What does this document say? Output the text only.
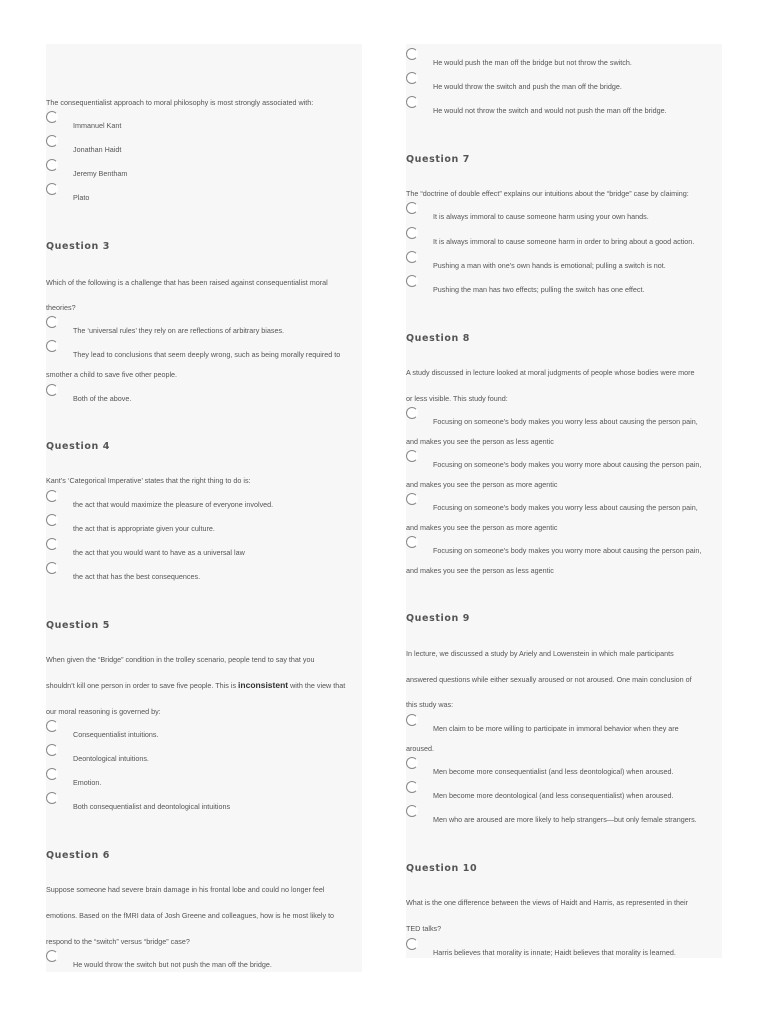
The consequentialist approach to moral philosophy is most strongly associated with:
Immanuel Kant
Jonathan Haidt
Jeremy Bentham
Plato
Question 3
Which of the following is a challenge that has been raised against consequentialist moral
theories?
The ‘universal rules’ they rely on are reflections of arbitrary biases.
They lead to conclusions that seem deeply wrong, such as being morally required to
smother a child to save five other people.
Both of the above.
Question 4
Kant’s ‘Categorical Imperative’ states that the right thing to do is:
the act that would maximize the pleasure of everyone involved.
the act that is appropriate given your culture.
the act that you would want to have as a universal law
the act that has the best consequences.
Question 5
When given the “Bridge” condition in the trolley scenario, people tend to say that you
shouldn’t kill one person in order to save five people. This is inconsistent with the view that
our moral reasoning is governed by:
Consequentialist intuitions.
Deontological intuitions.
Emotion.
Both consequentialist and deontological intuitions
Question 6
Suppose someone had severe brain damage in his frontal lobe and could no longer feel
emotions. Based on the fMRI data of Josh Greene and colleagues, how is he most likely to
respond to the “switch” versus “bridge” case?
He would throw the switch but not push the man off the bridge.
He would push the man off the bridge but not throw the switch.
He would throw the switch and push the man off the bridge.
He would not throw the switch and would not push the man off the bridge.
Question 7
The “doctrine of double effect” explains our intuitions about the “bridge” case by claiming:
It is always immoral to cause someone harm using your own hands.
It is always immoral to cause someone harm in order to bring about a good action.
Pushing a man with one’s own hands is emotional; pulling a switch is not.
Pushing the man has two effects; pulling the switch has one effect.
Question 8
A study discussed in lecture looked at moral judgments of people whose bodies were more
or less visible. This study found:
Focusing on someone’s body makes you worry less about causing the person pain,
and makes you see the person as less agentic
Focusing on someone’s body makes you worry more about causing the person pain,
and makes you see the person as more agentic
Focusing on someone’s body makes you worry less about causing the person pain,
and makes you see the person as more agentic
Focusing on someone’s body makes you worry more about causing the person pain,
and makes you see the person as less agentic
Question 9
In lecture, we discussed a study by Ariely and Lowenstein in which male participants
answered questions while either sexually aroused or not aroused. One main conclusion of
this study was:
Men claim to be more willing to participate in immoral behavior when they are
aroused.
Men become more consequentialist (and less deontological) when aroused.
Men become more deontological (and less consequentialist) when aroused.
Men who are aroused are more likely to help strangers—but only female strangers.
Question 10
What is the one difference between the views of Haidt and Harris, as represented in their
TED talks?
Harris believes that morality is innate; Haidt believes that morality is learned.
